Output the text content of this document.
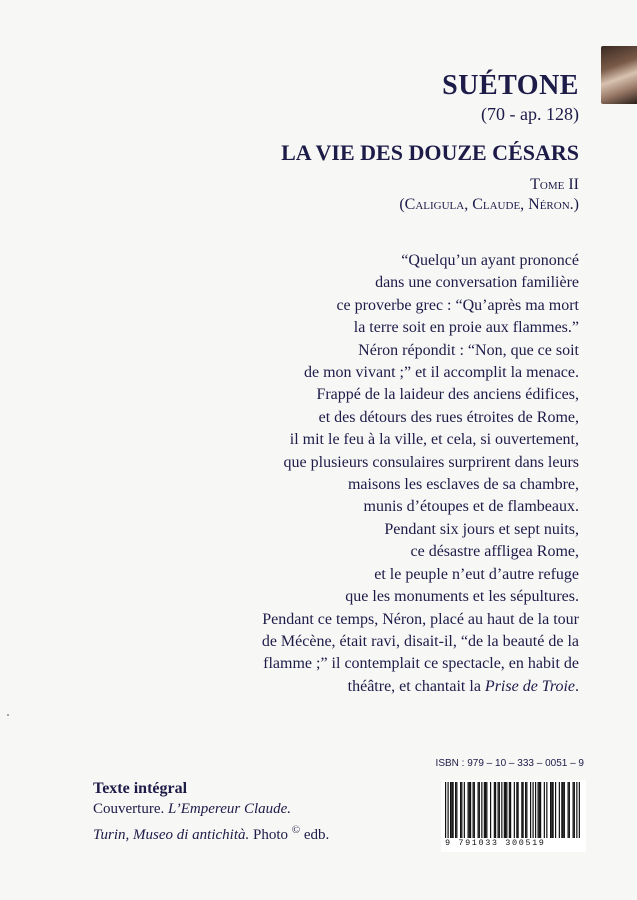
SUÉTONE
(70 - ap. 128)
LA VIE DES DOUZE CÉSARS
Tome II
(Caligula, Claude, Néron.)
“Quelqu’un ayant prononcé
dans une conversation familière
ce proverbe grec : “Qu’après ma mort
la terre soit en proie aux flammes.”
Néron répondit : “Non, que ce soit
de mon vivant ;” et il accomplit la menace.
Frappé de la laideur des anciens édifices,
et des détours des rues étroites de Rome,
il mit le feu à la ville, et cela, si ouvertement,
que plusieurs consulaires surprirent dans leurs
maisons les esclaves de sa chambre,
munis d’étoupes et de flambeaux.
Pendant six jours et sept nuits,
ce désastre affligea Rome,
et le peuple n’eut d’autre refuge
que les monuments et les sépultures.
Pendant ce temps, Néron, placé au haut de la tour
de Mécène, était ravi, disait-il, “de la beauté de la
flamme ;” il contemplait ce spectacle, en habit de
théâtre, et chantait la Prise de Troie.
ISBN : 979 – 10 – 333 – 0051 – 9
9 791033 300519
Texte intégral
Couverture. L’Empereur Claude.
Turin, Museo di antichità. Photo © edb.
